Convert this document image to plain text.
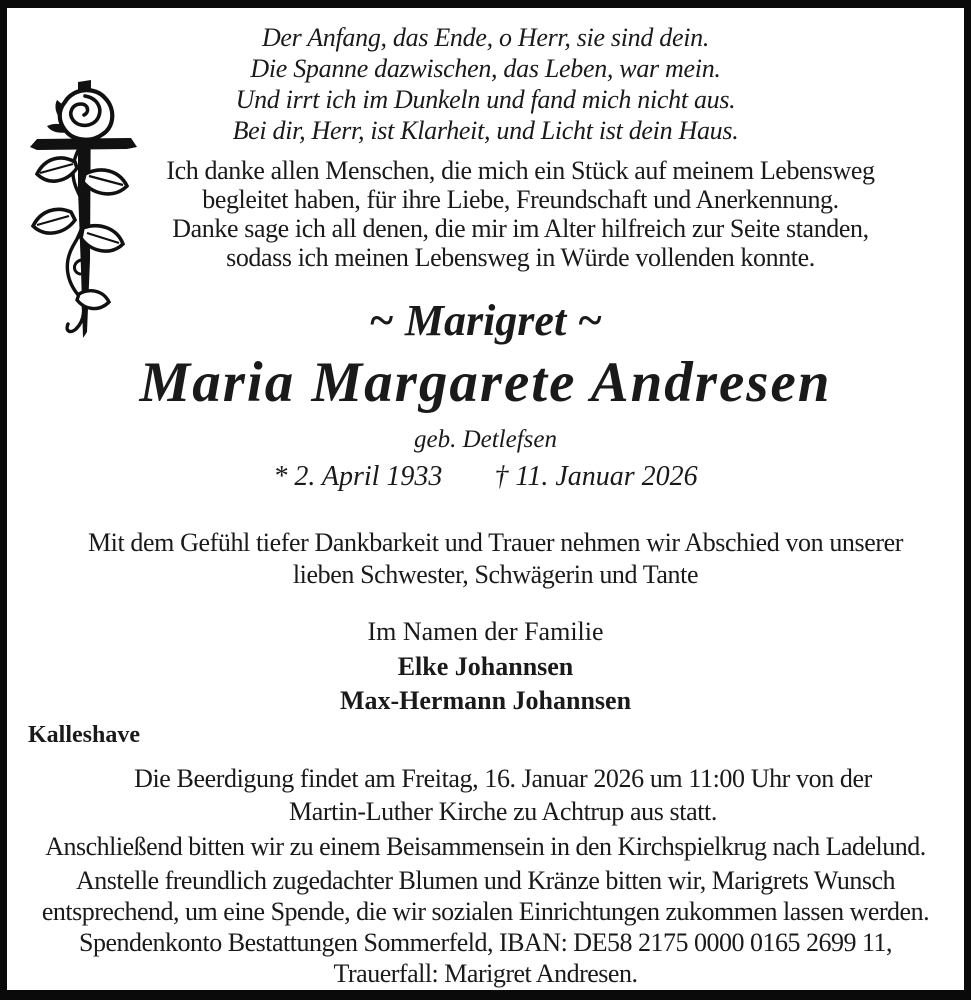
Der Anfang, das Ende, o Herr, sie sind dein.
Die Spanne dazwischen, das Leben, war mein.
Und irrt ich im Dunkeln und fand mich nicht aus.
Bei dir, Herr, ist Klarheit, und Licht ist dein Haus.
Ich danke allen Menschen, die mich ein Stück auf meinem Lebensweg
begleitet haben, für ihre Liebe, Freundschaft und Anerkennung.
Danke sage ich all denen, die mir im Alter hilfreich zur Seite standen,
sodass ich meinen Lebensweg in Würde vollenden konnte.
~ Marigret ~
Maria Margarete Andresen
geb. Detlefsen
* 2. April 1933 † 11. Januar 2026
Mit dem Gefühl tiefer Dankbarkeit und Trauer nehmen wir Abschied von unserer
lieben Schwester, Schwägerin und Tante
Im Namen der Familie
Elke Johannsen
Max-Hermann Johannsen
Kalleshave
Die Beerdigung findet am Freitag, 16. Januar 2026 um 11:00 Uhr von der
Martin-Luther Kirche zu Achtrup aus statt.
Anschließend bitten wir zu einem Beisammensein in den Kirchspielkrug nach Ladelund.
Anstelle freundlich zugedachter Blumen und Kränze bitten wir, Marigrets Wunsch
entsprechend, um eine Spende, die wir sozialen Einrichtungen zukommen lassen werden.
Spendenkonto Bestattungen Sommerfeld, IBAN: DE58 2175 0000 0165 2699 11,
Trauerfall: Marigret Andresen.
